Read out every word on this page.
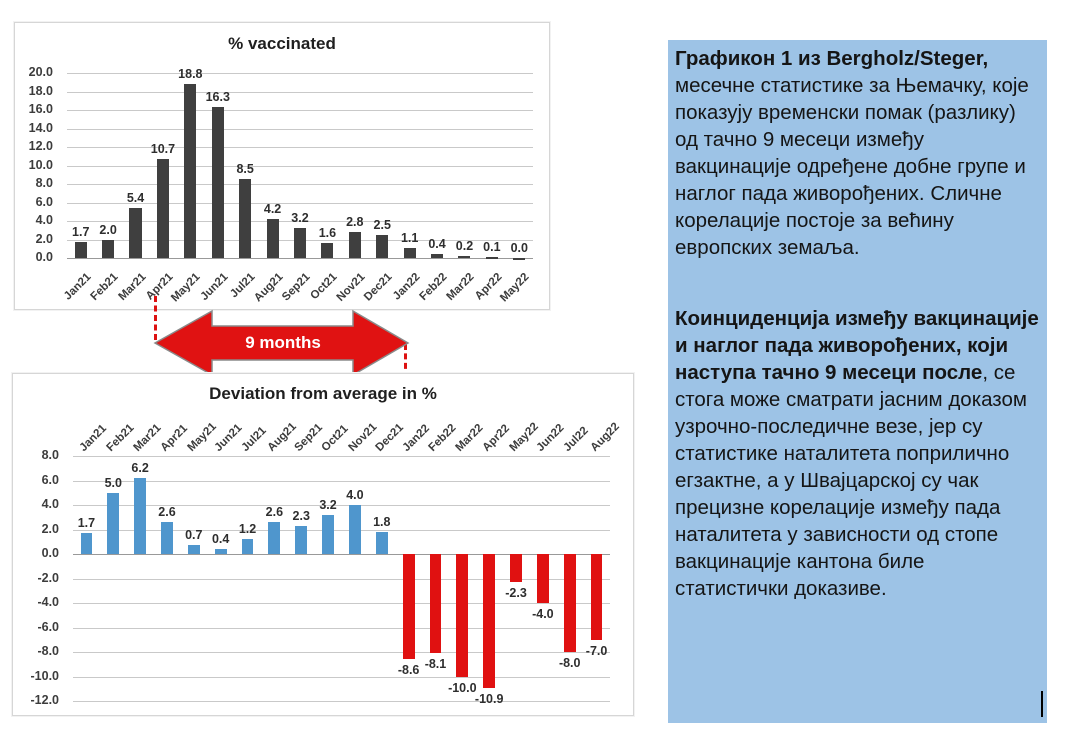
% vaccinated
20.0
18.0
16.0
14.0
12.0
10.0
8.0
6.0
4.0
2.0
0.0
1.7 2.0
5.4
10.7
18.8
16.3
8.5
4.2
3.2
1.6
2.8 2.5
1.1 0.4 0.2 0.1 0.0
Jan21
Feb21
Mar21
Apr21
May21
Jun21
Jul21
Aug21
Sep21
Oct21
Nov21
Dec21
Jan22
Feb22
Mar22
Apr22
May22
9 months
Deviation from average in %
Jan21
Feb21
Mar21
Apr21
May21
Jun21
Jul21
Aug21
Sep21
Oct21
Nov21
Dec21
Jan22
Feb22
Mar22
Apr22
May22
Jun22
Jul22
Aug22
8.0
6.0
4.0
2.0
0.0
-2.0
-4.0
-6.0
-8.0
-10.0
-12.0
1.7
5.0
6.2
2.6
0.7 0.4
1.2
2.6 2.3
3.2
4.0
1.8
-8.6 -8.1
-10.0
-10.9
-2.3
-4.0
-8.0
-7.0

Графикон 1 из Bergholz/Steger, месечне статистике за Њемачку, које показују временски помак (разлику) од тачно 9 месеци између вакцинације одређене добне групе и наглог пада живорођених. Сличне корелације постоје за већину европских земаља.

Коинциденција између вакцинације и наглог пада живорођених, који наступа тачно 9 месеци после, се стога може сматрати јасним доказом узрочно-последичне везе, јер су статистике наталитета поприлично егзактне, а у Швајцарској су чак прецизне корелације између пада наталитета у зависности од стопе вакцинације кантона биле статистички доказиве.
